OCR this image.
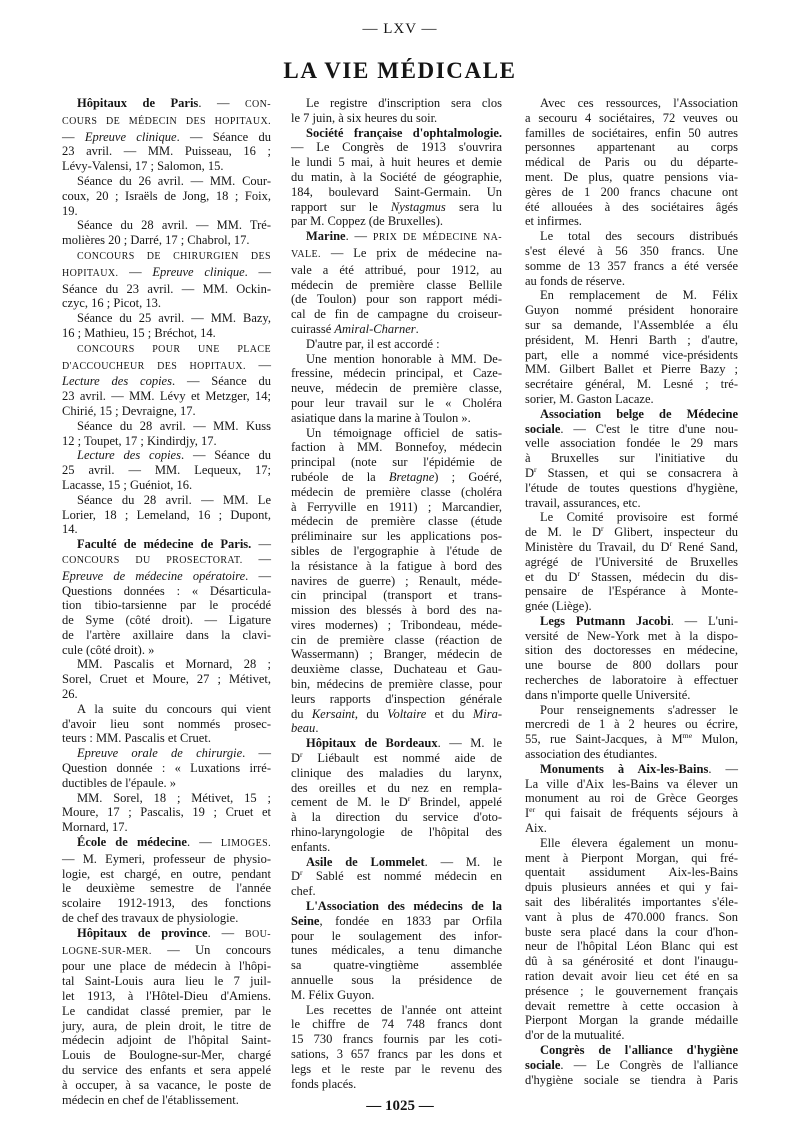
— LXV —
LA VIE MÉDICALE
Hôpitaux de Paris. — CON-
COURS DE MÉDECIN DES HOPITAUX.
— Epreuve clinique. — Séance du
23 avril. — MM. Puisseau, 16 ;
Lévy-Valensi, 17 ; Salomon, 15.
Séance du 26 avril. — MM. Cour-
coux, 20 ; Israëls de Jong, 18 ; Foix,
19.
Séance du 28 avril. — MM. Tré-
molières 20 ; Darré, 17 ; Chabrol, 17.
CONCOURS DE CHIRURGIEN DES
HOPITAUX. — Epreuve clinique. —
Séance du 23 avril. — MM. Ockin-
czyc, 16 ; Picot, 13.
Séance du 25 avril. — MM. Bazy,
16 ; Mathieu, 15 ; Bréchot, 14.
CONCOURS POUR UNE PLACE
D'ACCOUCHEUR DES HOPITAUX. —
Lecture des copies. — Séance du
23 avril. — MM. Lévy et Metzger, 14;
Chirié, 15 ; Devraigne, 17.
Séance du 28 avril. — MM. Kuss
12 ; Toupet, 17 ; Kindirdjy, 17.
Lecture des copies. — Séance du
25 avril. — MM. Lequeux, 17;
Lacasse, 15 ; Guéniot, 16.
Séance du 28 avril. — MM. Le
Lorier, 18 ; Lemeland, 16 ; Dupont,
14.
Faculté de médecine de Paris. —
CONCOURS DU PROSECTORAT. —
Epreuve de médecine opératoire. —
Questions données : « Désarticula-
tion tibio-tarsienne par le procédé
de Syme (côté droit). — Ligature
de l'artère axillaire dans la clavi-
cule (côté droit). »
MM. Pascalis et Mornard, 28 ;
Sorel, Cruet et Moure, 27 ; Métivet,
26.
A la suite du concours qui vient
d'avoir lieu sont nommés prosec-
teurs : MM. Pascalis et Cruet.
Epreuve orale de chirurgie. —
Question donnée : « Luxations irré-
ductibles de l'épaule. »
MM. Sorel, 18 ; Métivet, 15 ;
Moure, 17 ; Pascalis, 19 ; Cruet et
Mornard, 17.
École de médecine. — LIMOGES.
— M. Eymeri, professeur de physio-
logie, est chargé, en outre, pendant
le deuxième semestre de l'année
scolaire 1912-1913, des fonctions
de chef des travaux de physiologie.
Hôpitaux de province. — BOU-
LOGNE-SUR-MER. — Un concours
pour une place de médecin à l'hôpi-
tal Saint-Louis aura lieu le 7 juil-
let 1913, à l'Hôtel-Dieu d'Amiens.
Le candidat classé premier, par le
jury, aura, de plein droit, le titre de
médecin adjoint de l'hôpital Saint-
Louis de Boulogne-sur-Mer, chargé
du service des enfants et sera appelé
à occuper, à sa vacance, le poste de
médecin en chef de l'établissement.
Le registre d'inscription sera clos
le 7 juin, à six heures du soir.
Société française d'ophtalmologie.
— Le Congrès de 1913 s'ouvrira
le lundi 5 mai, à huit heures et demie
du matin, à la Société de géographie,
184, boulevard Saint-Germain. Un
rapport sur le Nystagmus sera lu
par M. Coppez (de Bruxelles).
Marine. — PRIX DE MÉDECINE NA-
VALE. — Le prix de médecine na-
vale a été attribué, pour 1912, au
médecin de première classe Bellile
(de Toulon) pour son rapport médi-
cal de fin de campagne du croiseur-
cuirassé Amiral-Charner.
D'autre par, il est accordé :
Une mention honorable à MM. De-
fressine, médecin principal, et Caze-
neuve, médecin de première classe,
pour leur travail sur le « Choléra
asiatique dans la marine à Toulon ».
Un témoignage officiel de satis-
faction à MM. Bonnefoy, médecin
principal (note sur l'épidémie de
rubéole de la Bretagne) ; Goéré,
médecin de première classe (choléra
à Ferryville en 1911) ; Marcandier,
médecin de première classe (étude
préliminaire sur les applications pos-
sibles de l'ergographie à l'étude de
la résistance à la fatigue à bord des
navires de guerre) ; Renault, méde-
cin principal (transport et trans-
mission des blessés à bord des na-
vires modernes) ; Tribondeau, méde-
cin de première classe (réaction de
Wassermann) ; Branger, médecin de
deuxième classe, Duchateau et Gau-
bin, médecins de première classe, pour
leurs rapports d'inspection générale
du Kersaint, du Voltaire et du Mira-
beau.
Hôpitaux de Bordeaux. — M. le
$D^r$ Liébault est nommé aide de
clinique des maladies du larynx,
des oreilles et du nez en rempla-
cement de M. le $D^r$ Brindel, appelé
à la direction du service d'oto-
rhino-laryngologie de l'hôpital des
enfants.
Asile de Lommelet. — M. le
$D^r$ Sablé est nommé médecin en
chef.
L'Association des médecins de la
Seine, fondée en 1833 par Orfila
pour le soulagement des infor-
tunes médicales, a tenu dimanche
sa quatre-vingtième assemblée
annuelle sous la présidence de
M. Félix Guyon.
Les recettes de l'année ont atteint
le chiffre de 74 748 francs dont
15 730 francs fournis par les coti-
sations, 3 657 francs par les dons et
legs et le reste par le revenu des
fonds placés.
Avec ces ressources, l'Association
a secouru 4 sociétaires, 72 veuves ou
familles de sociétaires, enfin 50 autres
personnes appartenant au corps
médical de Paris ou du départe-
ment. De plus, quatre pensions via-
gères de 1 200 francs chacune ont
été allouées à des sociétaires âgés
et infirmes.
Le total des secours distribués
s'est élevé à 56 350 francs. Une
somme de 13 357 francs a été versée
au fonds de réserve.
En remplacement de M. Félix
Guyon nommé président honoraire
sur sa demande, l'Assemblée a élu
président, M. Henri Barth ; d'autre,
part, elle a nommé vice-présidents
MM. Gilbert Ballet et Pierre Bazy ;
secrétaire général, M. Lesné ; tré-
sorier, M. Gaston Lacaze.
Association belge de Médecine
sociale. — C'est le titre d'une nou-
velle association fondée le 29 mars
à Bruxelles sur l'initiative du
$D^r$ Stassen, et qui se consacrera à
l'étude de toutes questions d'hygiène,
travail, assurances, etc.
Le Comité provisoire est formé
de M. le $D^r$ Glibert, inspecteur du
Ministère du Travail, du $D^r$ René Sand,
agrégé de l'Université de Bruxelles
et du $D^r$ Stassen, médecin du dis-
pensaire de l'Espérance à Monte-
gnée (Liège).
Legs Putmann Jacobi. — L'uni-
versité de New-York met à la dispo-
sition des doctoresses en médecine,
une bourse de 800 dollars pour
recherches de laboratoire à effectuer
dans n'importe quelle Université.
Pour renseignements s'adresser le
mercredi de 1 à 2 heures ou écrire,
55, rue Saint-Jacques, à $M^{me}$ Mulon,
association des étudiantes.
Monuments à Aix-les-Bains. —
La ville d'Aix les-Bains va élever un
monument au roi de Grèce Georges
Ier qui faisait de fréquents séjours à
Aix.
Elle élevera également un monu-
ment à Pierpont Morgan, qui fré-
quentait assidument Aix-les-Bains
dpuis plusieurs années et qui y fai-
sait des libéralités importantes s'éle-
vant à plus de 470.000 francs. Son
buste sera placé dans la cour d'hon-
neur de l'hôpital Léon Blanc qui est
dû à sa générosité et dont l'inaugu-
ration devait avoir lieu cet été en sa
présence ; le gouvernement français
devait remettre à cette occasion à
Pierpont Morgan la grande médaille
d'or de la mutualité.
Congrès de l'alliance d'hygiène
sociale. — Le Congrès de l'alliance
d'hygiène sociale se tiendra à Paris
— 1025 —
